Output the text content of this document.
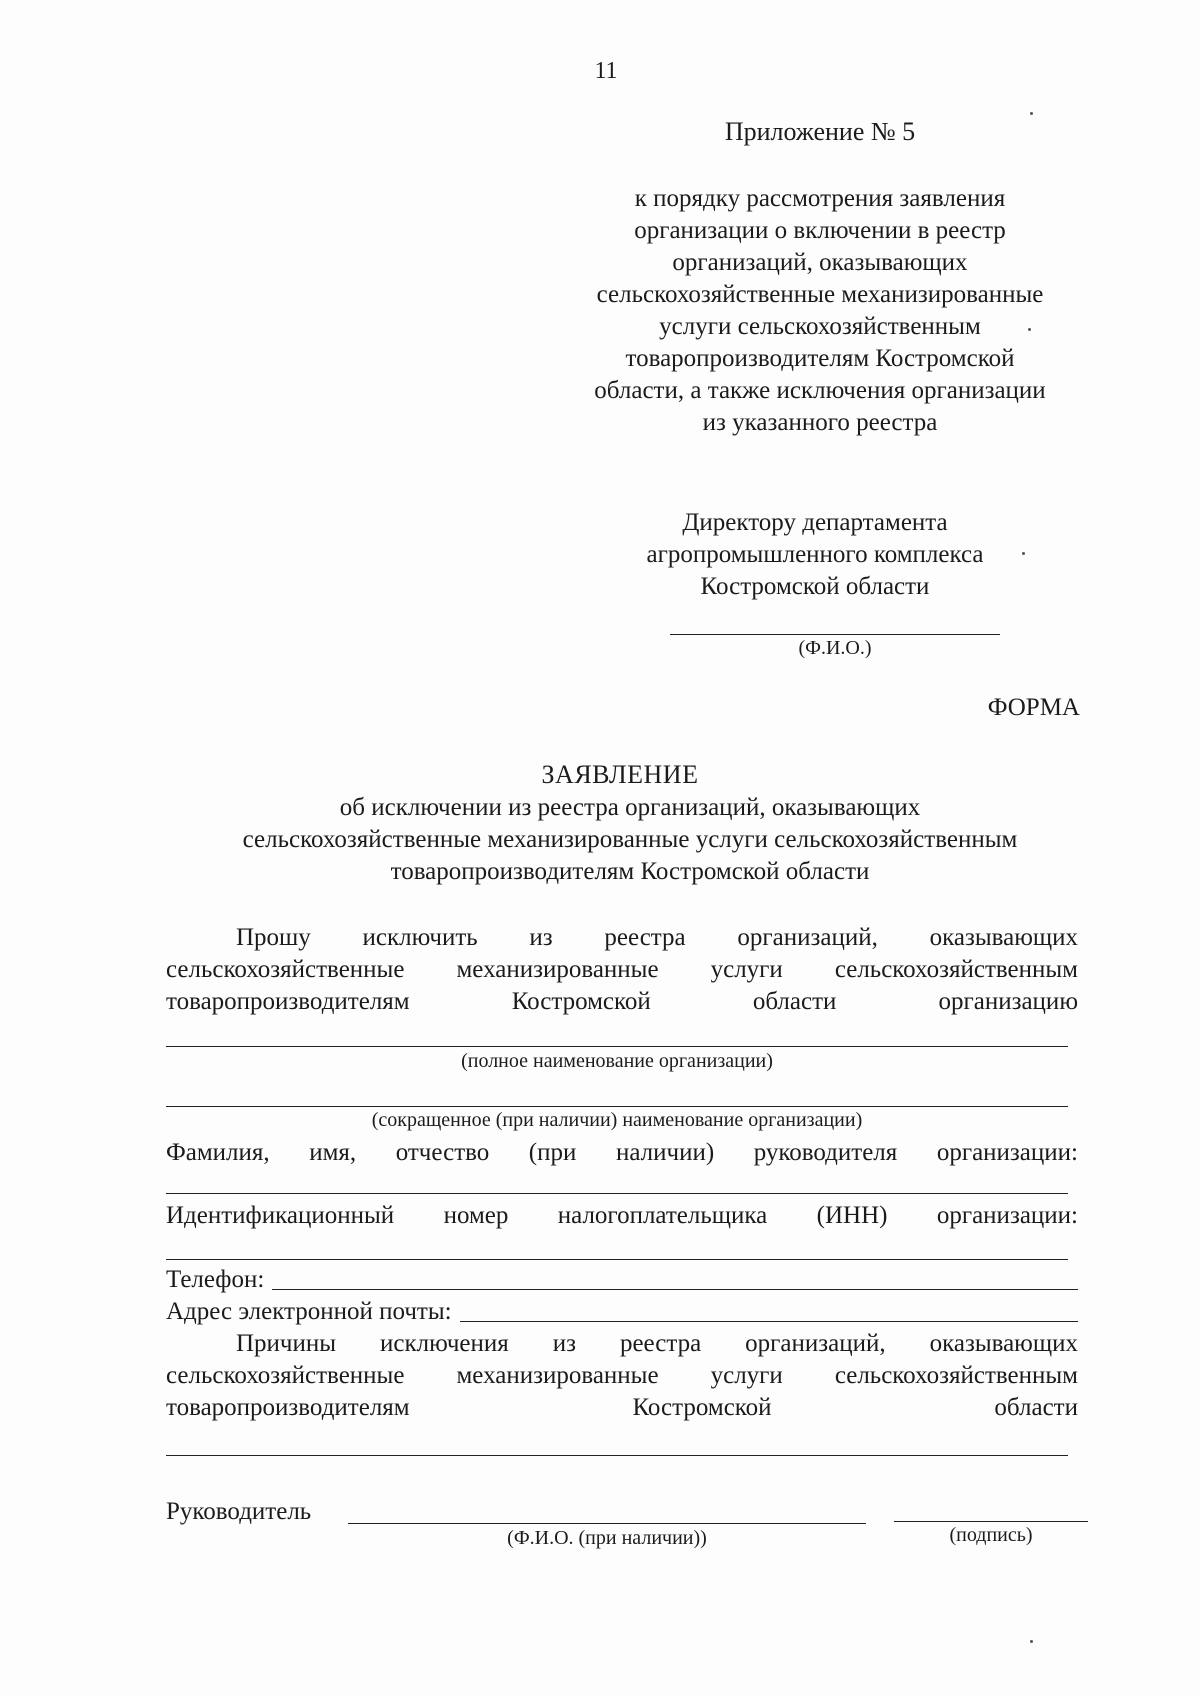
11
Приложение № 5
к порядку рассмотрения заявления
организации о включении в реестр
организаций, оказывающих
сельскохозяйственные механизированные
услуги сельскохозяйственным
товаропроизводителям Костромской
области, а также исключения организации
из указанного реестра
Директору департамента
агропромышленного комплекса
Костромской области
(Ф.И.О.)
ФОРМА
ЗАЯВЛЕНИЕ
об исключении из реестра организаций, оказывающих
сельскохозяйственные механизированные услуги сельскохозяйственным
товаропроизводителям Костромской области
Прошу исключить из реестра организаций, оказывающих
сельскохозяйственные механизированные услуги сельскохозяйственным
товаропроизводителям Костромской области организацию
(полное наименование организации)
(сокращенное (при наличии) наименование организации)
Фамилия, имя, отчество (при наличии) руководителя организации:
Идентификационный номер налогоплательщика (ИНН) организации:
Телефон:
Адрес электронной почты:
Причины исключения из реестра организаций, оказывающих
сельскохозяйственные механизированные услуги сельскохозяйственным
товаропроизводителям Костромской области
Руководитель
(Ф.И.О. (при наличии))	(подпись)
